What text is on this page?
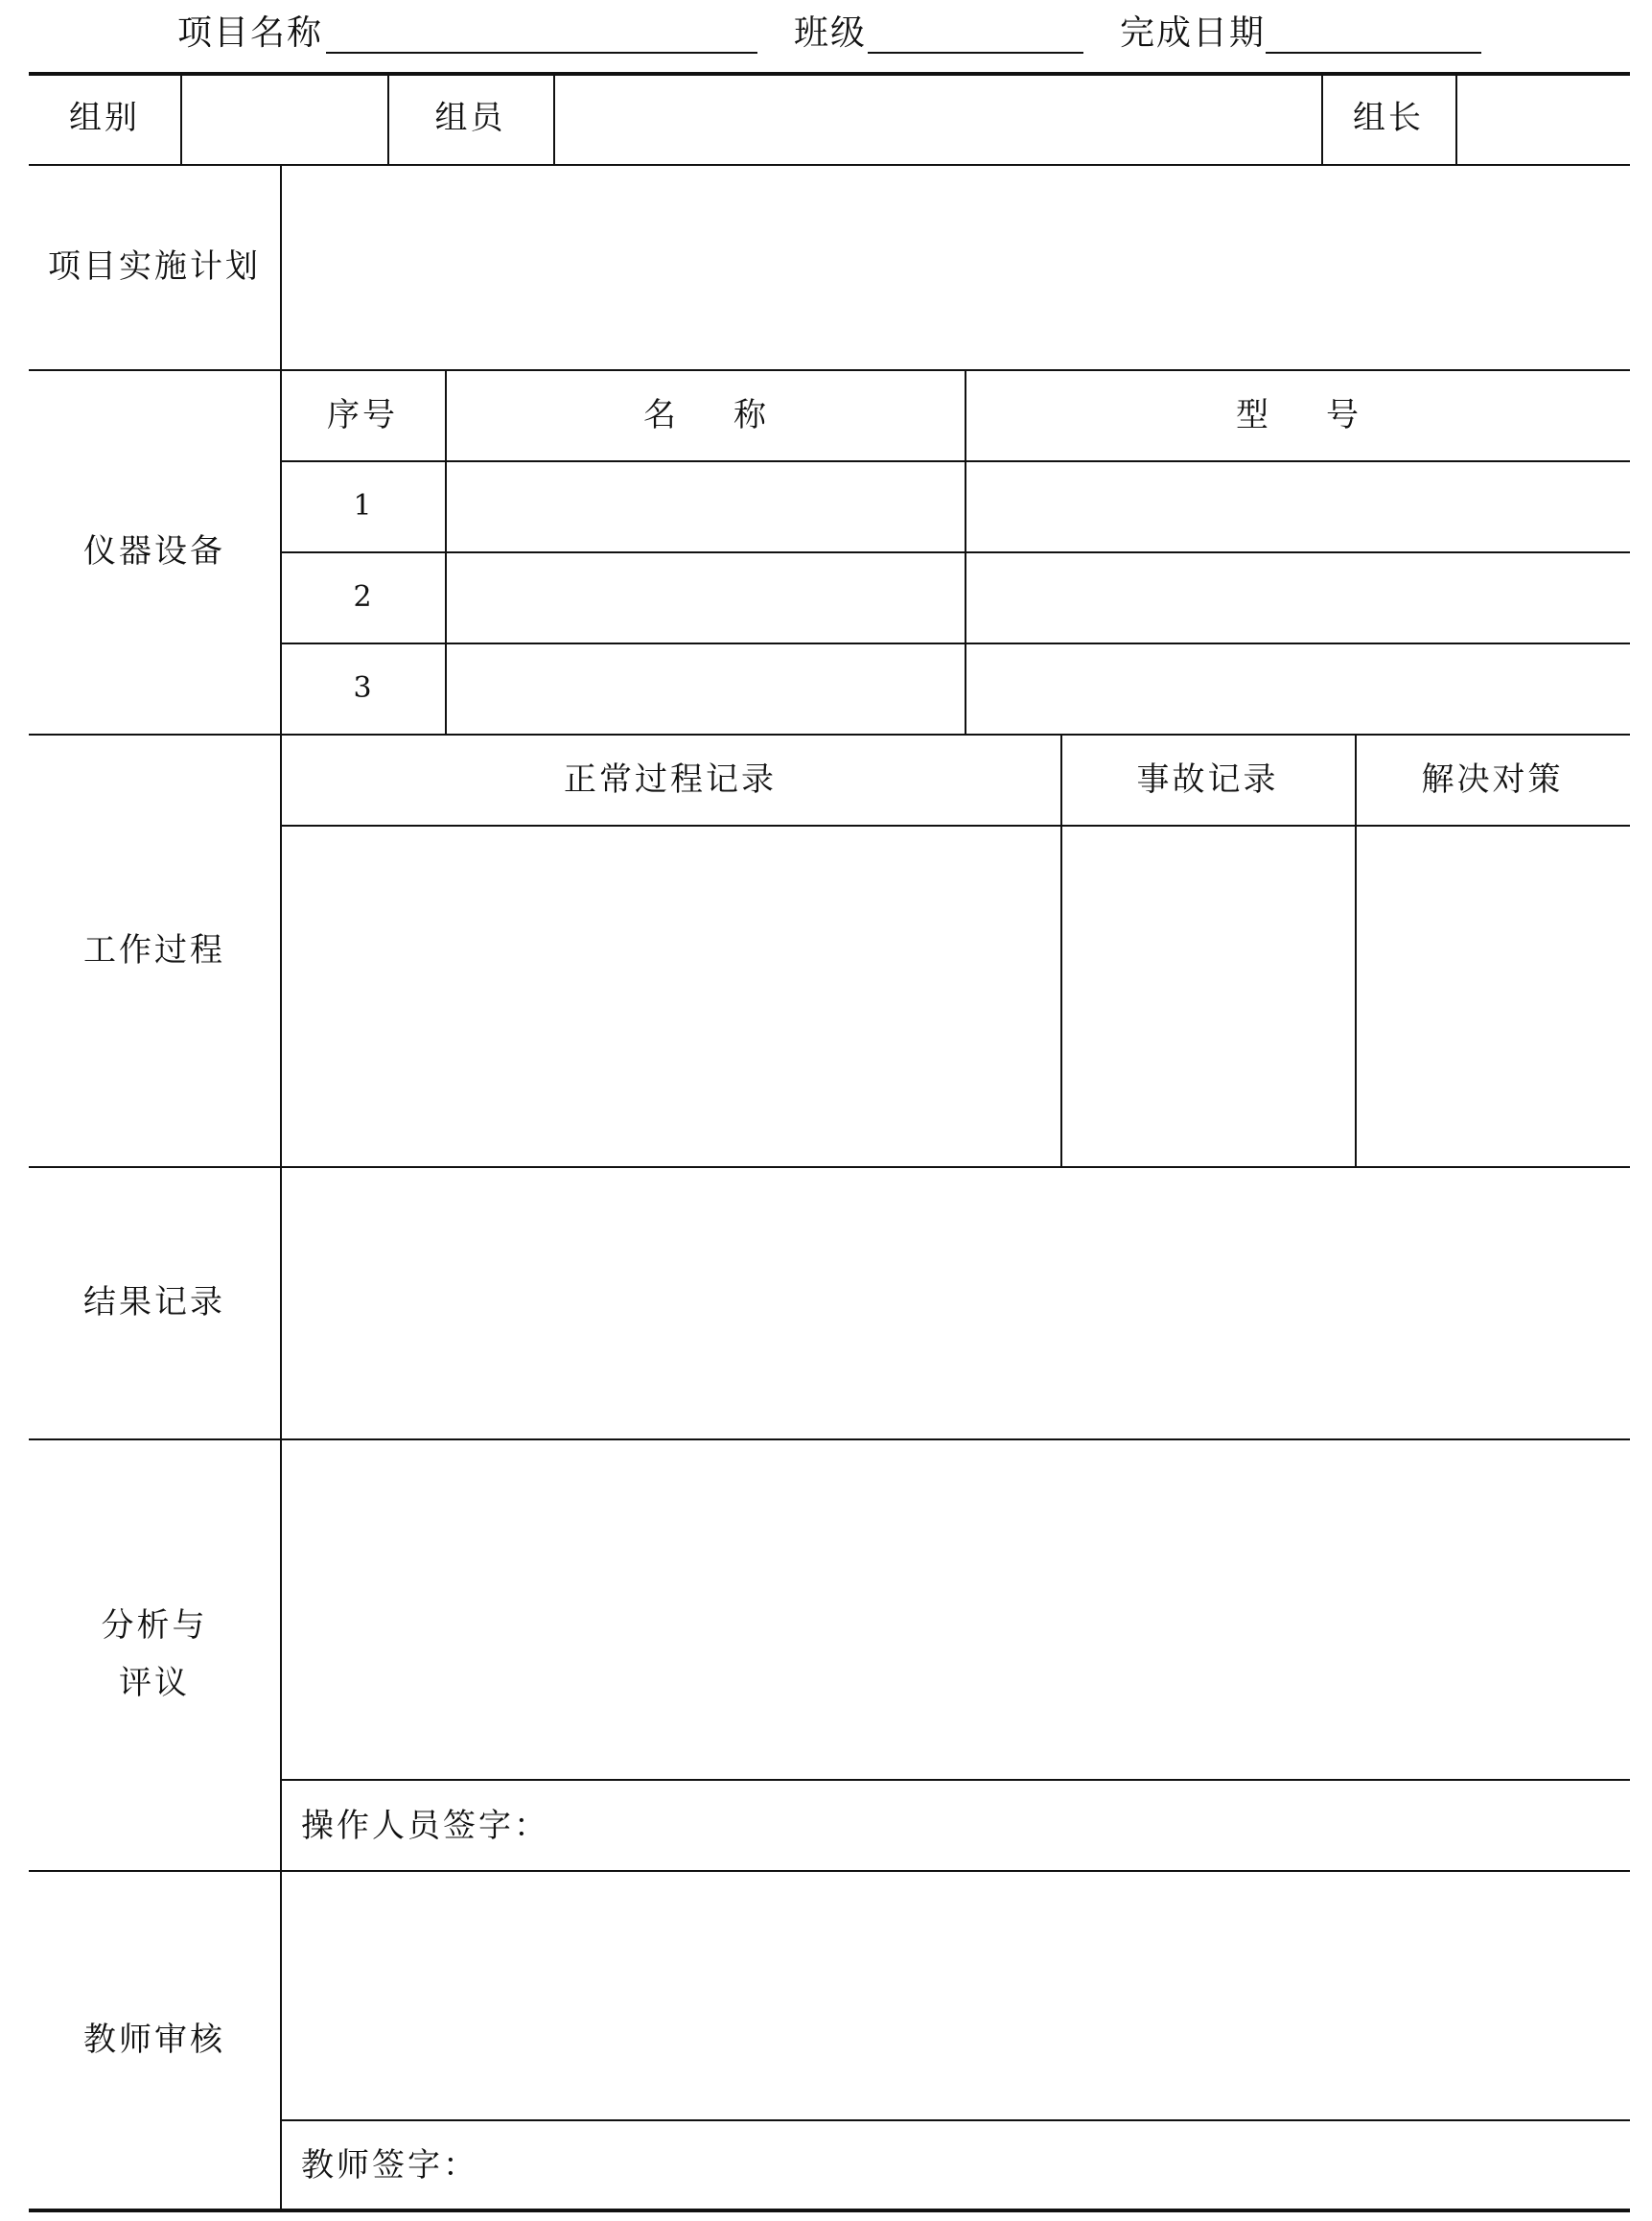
项目名称	班级	完成日期
组别	组员	组长
项目实施计划
仪器设备
序号	名称	型号
1
2
3
工作过程
正常过程记录	事故记录	解决对策
结果记录
分析与
评议
操作人员签字：
教师审核
教师签字：
